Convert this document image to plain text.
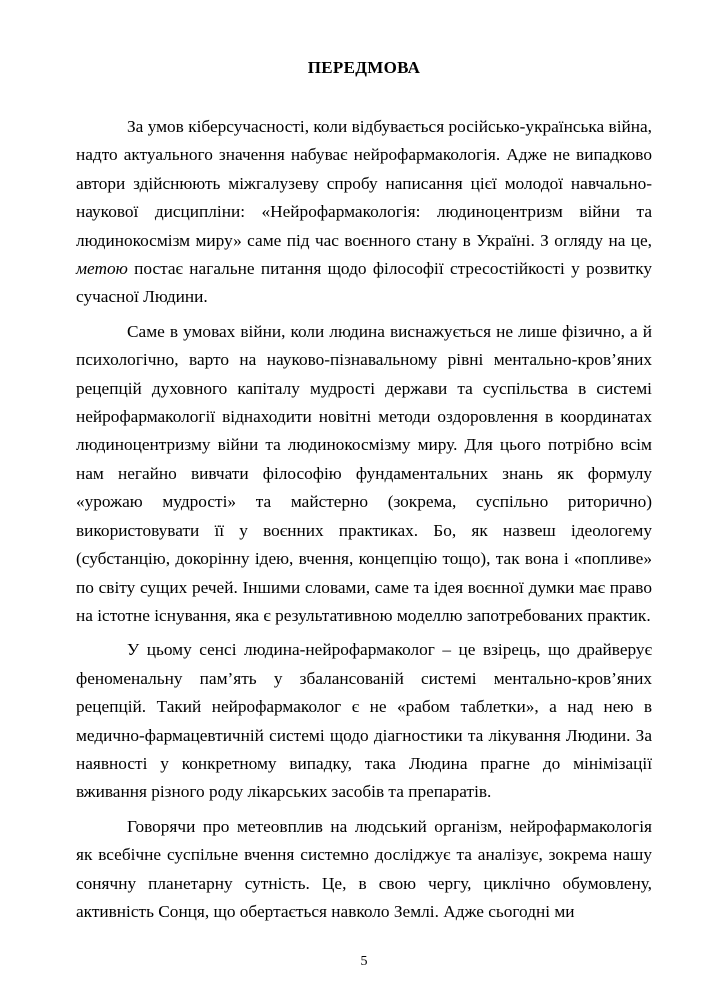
ПЕРЕДМОВА

За умов кіберсучасності, коли відбувається російсько-українська війна, надто актуального значення набуває нейрофармакологія. Адже не випадково автори здійснюють міжгалузеву спробу написання цієї молодої навчально-наукової дисципліни: «Нейрофармакологія: людиноцентризм війни та людинокосмізм миру» саме під час воєнного стану в Україні. З огляду на це, метою постає нагальне питання щодо філософії стресостійкості у розвитку сучасної Людини.

Саме в умовах війни, коли людина виснажується не лише фізично, а й психологічно, варто на науково-пізнавальному рівні ментально-кров’яних рецепцій духовного капіталу мудрості держави та суспільства в системі нейрофармакології віднаходити новітні методи оздоровлення в координатах людиноцентризму війни та людинокосмізму миру. Для цього потрібно всім нам негайно вивчати філософію фундаментальних знань як формулу «урожаю мудрості» та майстерно (зокрема, суспільно риторично) використовувати її у воєнних практиках. Бо, як назвеш ідеологему (субстанцію, докорінну ідею, вчення, концепцію тощо), так вона і «попливе» по світу сущих речей. Іншими словами, саме та ідея воєнної думки має право на істотне існування, яка є результативною моделлю запотребованих практик.

У цьому сенсі людина-нейрофармаколог – це взірець, що драйверує феноменальну пам’ять у збалансованій системі ментально-кров’яних рецепцій. Такий нейрофармаколог є не «рабом таблетки», а над нею в медично-фармацевтичній системі щодо діагностики та лікування Людини. За наявності у конкретному випадку, така Людина прагне до мінімізації вживання різного роду лікарських засобів та препаратів.

Говорячи про метеовплив на людський організм, нейрофармакологія як всебічне суспільне вчення системно досліджує та аналізує, зокрема нашу сонячну планетарну сутність. Це, в свою чергу, циклічно обумовлену, активність Сонця, що обертається навколо Землі. Адже сьогодні ми

5
